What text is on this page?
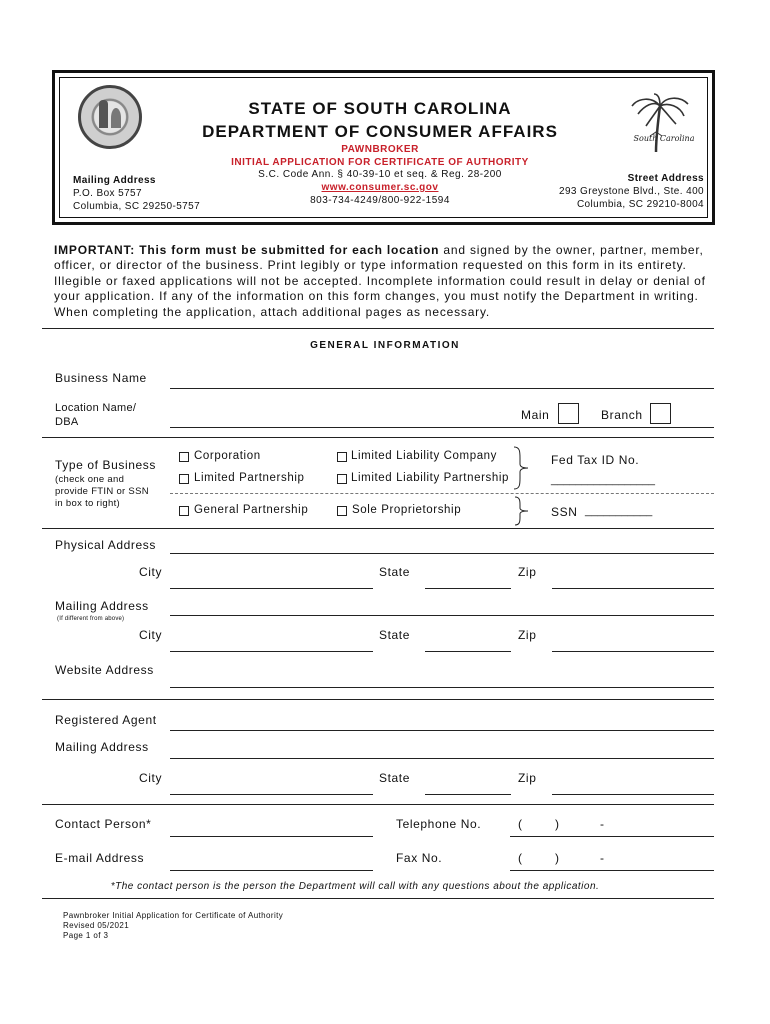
South Carolina
STATE OF SOUTH CAROLINA
DEPARTMENT OF CONSUMER AFFAIRS
PAWNBROKER
INITIAL APPLICATION FOR CERTIFICATE OF AUTHORITY
S.C. Code Ann. § 40-39-10 et seq. & Reg. 28-200
www.consumer.sc.gov
803-734-4249/800-922-1594
Mailing Address
P.O. Box 5757
Columbia, SC 29250-5757
Street Address
293 Greystone Blvd., Ste. 400
Columbia, SC 29210-8004
IMPORTANT: This form must be submitted for each location and signed by the owner, partner, member, officer, or director of the business. Print legibly or type information requested on this form in its entirety. Illegible or faxed applications will not be accepted. Incomplete information could result in delay or denial of your application. If any of the information on this form changes, you must notify the Department in writing. When completing the application, attach additional pages as necessary.
GENERAL INFORMATION
Business Name
Location Name/
DBA	Main	Branch
Type of Business
(check one and
provide FTIN or SSN
in box to right)
Corporation	Limited Liability Company
Limited Partnership	Limited Liability Partnership
Fed Tax ID No.
_________________
General Partnership	Sole Proprietorship	SSN ___________
Physical Address
City	State	Zip
Mailing Address
(If different from above)
City	State	Zip
Website Address
Registered Agent
Mailing Address
City	State	Zip
Contact Person*	Telephone No.	(	)	-
E-mail Address	Fax No.	(	)	-
*The contact person is the person the Department will call with any questions about the application.
Pawnbroker Initial Application for Certificate of Authority
Revised 05/2021
Page 1 of 3
